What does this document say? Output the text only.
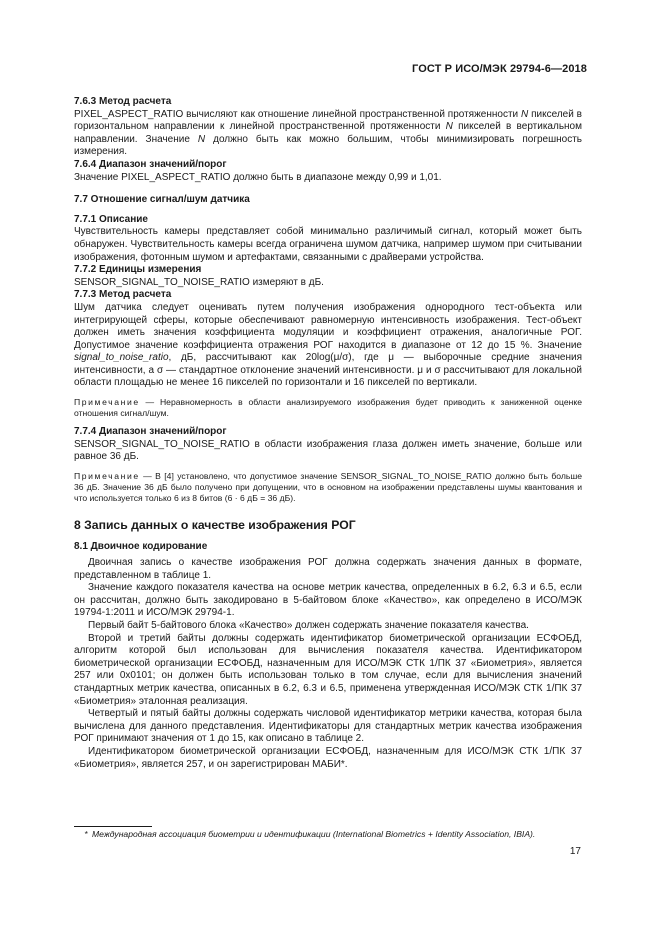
ГОСТ Р ИСО/МЭК 29794-6—2018

7.6.3 Метод расчета

PIXEL_ASPECT_RATIO вычисляют как отношение линейной пространственной протяженности N пикселей в горизонтальном направлении к линейной пространственной протяженности N пикселей в вертикальном направлении. Значение N должно быть как можно большим, чтобы минимизировать погрешность измерения.

7.6.4 Диапазон значений/порог

Значение PIXEL_ASPECT_RATIO должно быть в диапазоне между 0,99 и 1,01.

7.7 Отношение сигнал/шум датчика

7.7.1 Описание

Чувствительность камеры представляет собой минимально различимый сигнал, который может быть обнаружен. Чувствительность камеры всегда ограничена шумом датчика, например шумом при считывании изображения, фотонным шумом и артефактами, связанными с драйверами устройства.

7.7.2 Единицы измерения

SENSOR_SIGNAL_TO_NOISE_RATIO измеряют в дБ.

7.7.3 Метод расчета

Шум датчика следует оценивать путем получения изображения однородного тест-объекта или интегрирующей сферы, которые обеспечивают равномерную интенсивность изображения. Тест-объект должен иметь значения коэффициента модуляции и коэффициент отражения, аналогичные РОГ. Допустимое значение коэффициента отражения РОГ находится в диапазоне от 12 до 15 %. Значение signal_to_noise_ratio, дБ, рассчитывают как 20log(μ/σ), где μ — выборочные средние значения интенсивности, а σ — стандартное отклонение значений интенсивности. μ и σ рассчитывают для локальной области площадью не менее 16 пикселей по горизонтали и 16 пикселей по вертикали.

Примечание — Неравномерность в области анализируемого изображения будет приводить к заниженной оценке отношения сигнал/шум.

7.7.4 Диапазон значений/порог

SENSOR_SIGNAL_TO_NOISE_RATIO в области изображения глаза должен иметь значение, больше или равное 36 дБ.

Примечание — В [4] установлено, что допустимое значение SENSOR_SIGNAL_TO_NOISE_RATIO должно быть больше 36 дБ. Значение 36 дБ было получено при допущении, что в основном на изображении представлены шумы квантования и что используется только 6 из 8 битов (6 · 6 дБ = 36 дБ).

8 Запись данных о качестве изображения РОГ

8.1 Двоичное кодирование

Двоичная запись о качестве изображения РОГ должна содержать значения данных в формате, представленном в таблице 1.

Значение каждого показателя качества на основе метрик качества, определенных в 6.2, 6.3 и 6.5, если он рассчитан, должно быть закодировано в 5-байтовом блоке «Качество», как определено в ИСО/МЭК 19794-1:2011 и ИСО/МЭК 29794-1.

Первый байт 5-байтового блока «Качество» должен содержать значение показателя качества.

Второй и третий байты должны содержать идентификатор биометрической организации ЕСФОБД, алгоритм которой был использован для вычисления показателя качества. Идентификатором биометрической организации ЕСФОБД, назначенным для ИСО/МЭК СТК 1/ПК 37 «Биометрия», является 257 или 0x0101; он должен быть использован только в том случае, если для вычисления значений стандартных метрик качества, описанных в 6.2, 6.3 и 6.5, применена утвержденная ИСО/МЭК СТК 1/ПК 37 «Биометрия» эталонная реализация.

Четвертый и пятый байты должны содержать числовой идентификатор метрики качества, которая была вычислена для данного представления. Идентификаторы для стандартных метрик качества изображения РОГ принимают значения от 1 до 15, как описано в таблице 2.

Идентификатором биометрической организации ЕСФОБД, назначенным для ИСО/МЭК СТК 1/ПК 37 «Биометрия», является 257, и он зарегистрирован МАБИ*.

* Международная ассоциация биометрии и идентификации (International Biometrics + Identity Association, IBIA).
17
